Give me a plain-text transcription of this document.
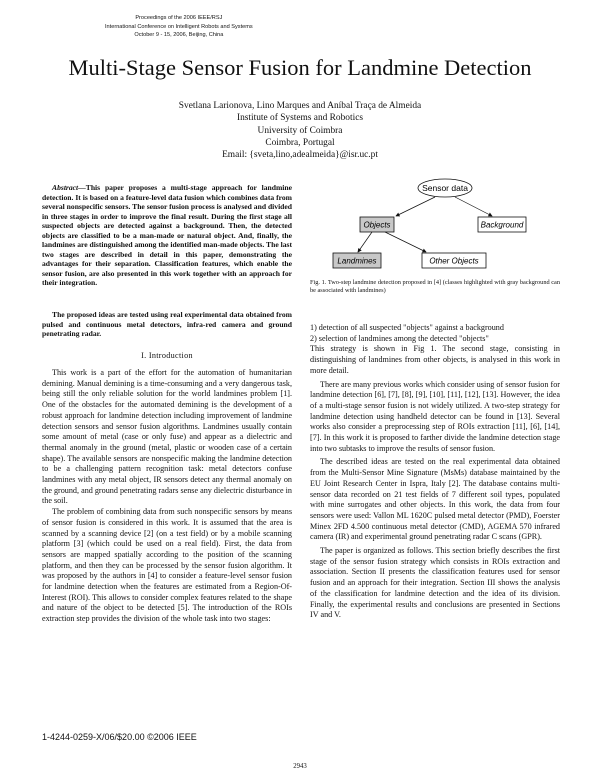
Proceedings of the 2006 IEEE/RSJ
International Conference on Intelligent Robots and Systems
October 9 - 15, 2006, Beijing, China
Multi-Stage Sensor Fusion for Landmine Detection
Svetlana Larionova, Lino Marques and Aníbal Traça de Almeida
Institute of Systems and Robotics
University of Coimbra
Coimbra, Portugal
Email: {sveta,lino,adealmeida}@isr.uc.pt
Abstract—This paper proposes a multi-stage approach for landmine detection. It is based on a feature-level data fusion which combines data from several nonspecific sensors. The sensor fusion process is analysed and divided in three stages in order to improve the final result. During the first stage all suspected objects are detected against a background. Then, the detected objects are classified to be a man-made or natural object. And, finally, the landmines are distinguished among the identified man-made objects. The last two stages are described in detail in this paper, demonstrating the advantages for their separation. Classification features, which enable the sensor fusion, are also presented in this work together with an approach for their integration.
The proposed ideas are tested using real experimental data obtained from pulsed and continuous metal detectors, infra-red camera and ground penetrating radar.
I. Introduction

This work is a part of the effort for the automation of humanitarian demining. Manual demining is a time-consuming and a very dangerous task, being still the only reliable solution for the world landmines problem [1]. One of the obstacles for the automated demining is the development of a robust approach for landmine detection including improvement of landmine detection sensors and sensor fusion algorithms. Landmines usually contain some amount of metal (case or only fuse) and appear as a dielectric and thermal anomaly in the ground (metal, plastic or wooden case of a certain shape). The available sensors are nonspecific making the landmine detection to be a challenging pattern recognition task: metal detectors confuse landmines with any metal object, IR sensors detect any thermal anomaly on the ground, and ground penetrating radars sense any dielectric disturbance in the soil.

The problem of combining data from such nonspecific sensors by means of sensor fusion is considered in this work. It is assumed that the area is scanned by a scanning device [2] (on a test field) or by a mobile scanning platform [3] (which could be used on a real field). First, the data from sensors are mapped spatially according to the position of the scanning platform, and then they can be processed by the sensor fusion algorithm. It was proposed by the authors in [4] to consider a feature-level sensor fusion for landmine detection when the features are estimated from a Region-Of-Interest (ROI). This allows to consider complex features related to the shape and nature of the object to be detected [5]. The introduction of the ROIs extraction step provides the division of the whole task into two stages:

Sensor data
Objects	Background
Landmines	Other Objects
Fig. 1. Two-step landmine detection proposed in [4] (classes highlighted with gray background can be associated with landmines)
1) detection of all suspected "objects" against a background
2) selection of landmines among the detected "objects"

This strategy is shown in Fig 1. The second stage, consisting in distinguishing of landmines from other objects, is analysed in this work in more detail.

There are many previous works which consider using of sensor fusion for landmine detection [6], [7], [8], [9], [10], [11], [12], [13]. However, the idea of a multi-stage sensor fusion is not widely utilized. A two-step strategy for landmine detection using handheld detector can be found in [13]. Several works also consider a preprocessing step of ROIs extraction [11], [6], [14], [7]. In this work it is proposed to farther divide the landmine detection stage into two subtasks to improve the results of sensor fusion.

The described ideas are tested on the real experimental data obtained from the Multi-Sensor Mine Signature (MsMs) database maintained by the EU Joint Research Center in Ispra, Italy [2]. The database contains multi-sensor data recorded on 21 test fields of 7 different soil types, populated with mine surrogates and other objects. In this work, the data from four sensors were used: Vallon ML 1620C pulsed metal detector (PMD), Foerster Minex 2FD 4.500 continuous metal detector (CMD), AGEMA 570 infrared camera (IR) and experimental ground penetrating radar C scans (GPR).

The paper is organized as follows. This section briefly describes the first stage of the sensor fusion strategy which consists in ROIs extraction and association. Section II presents the classification features used for sensor fusion and an approach for their integration. Section III shows the analysis of the classification for landmine detection and the idea of its division. Finally, the experimental results and conclusions are presented in Sections IV and V.

1-4244-0259-X/06/$20.00 ©2006 IEEE
2943
